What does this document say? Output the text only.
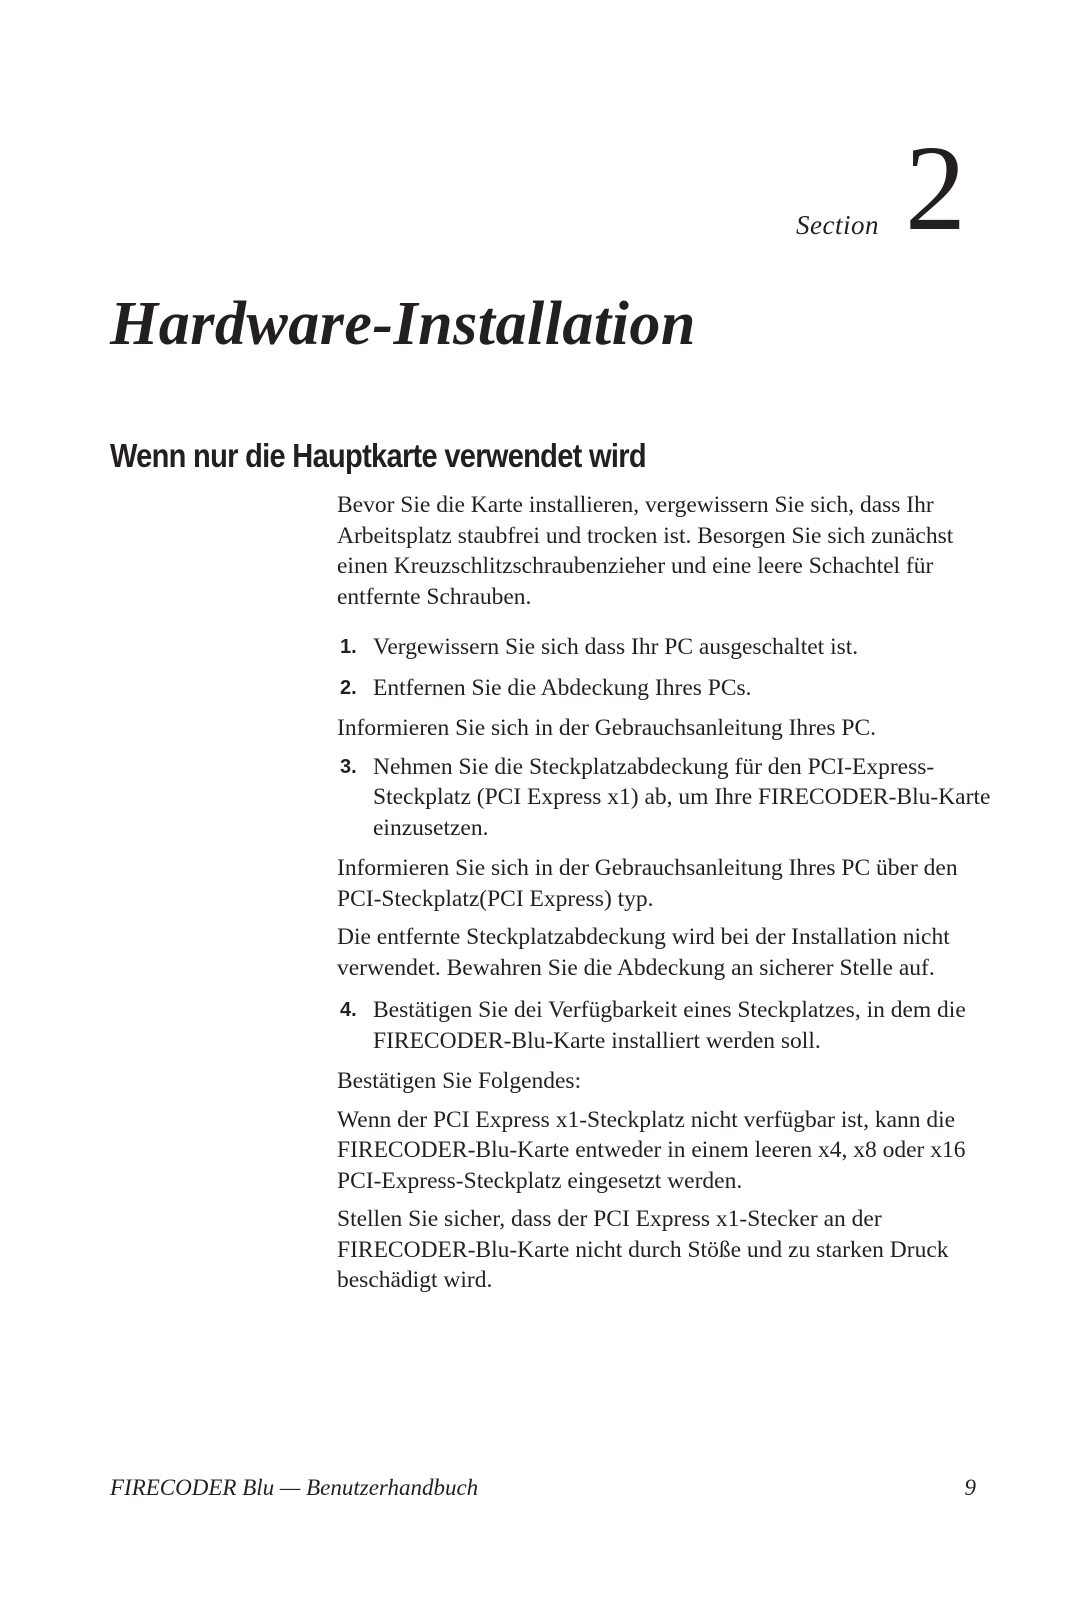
Section 2
Hardware-Installation
Wenn nur die Hauptkarte verwendet wird

Bevor Sie die Karte installieren, vergewissern Sie sich, dass Ihr Arbeitsplatz staubfrei und trocken ist. Besorgen Sie sich zunächst einen Kreuzschlitzschraubenzieher und eine leere Schachtel für entfernte Schrauben.

1. Vergewissern Sie sich dass Ihr PC ausgeschaltet ist.
2. Entfernen Sie die Abdeckung Ihres PCs.

Informieren Sie sich in der Gebrauchsanleitung Ihres PC.

3. Nehmen Sie die Steckplatzabdeckung für den PCI-Express-Steckplatz (PCI Express x1) ab, um Ihre FIRECODER-Blu-Karte einzusetzen.

Informieren Sie sich in der Gebrauchsanleitung Ihres PC über den PCI-Steckplatz(PCI Express) typ.

Die entfernte Steckplatzabdeckung wird bei der Installation nicht verwendet. Bewahren Sie die Abdeckung an sicherer Stelle auf.

4. Bestätigen Sie dei Verfügbarkeit eines Steckplatzes, in dem die FIRECODER-Blu-Karte installiert werden soll.

Bestätigen Sie Folgendes:

Wenn der PCI Express x1-Steckplatz nicht verfügbar ist, kann die FIRECODER-Blu-Karte entweder in einem leeren x4, x8 oder x16 PCI-Express-Steckplatz eingesetzt werden.

Stellen Sie sicher, dass der PCI Express x1-Stecker an der FIRECODER-Blu-Karte nicht durch Stöße und zu starken Druck beschädigt wird.

FIRECODER Blu — Benutzerhandbuch	9
